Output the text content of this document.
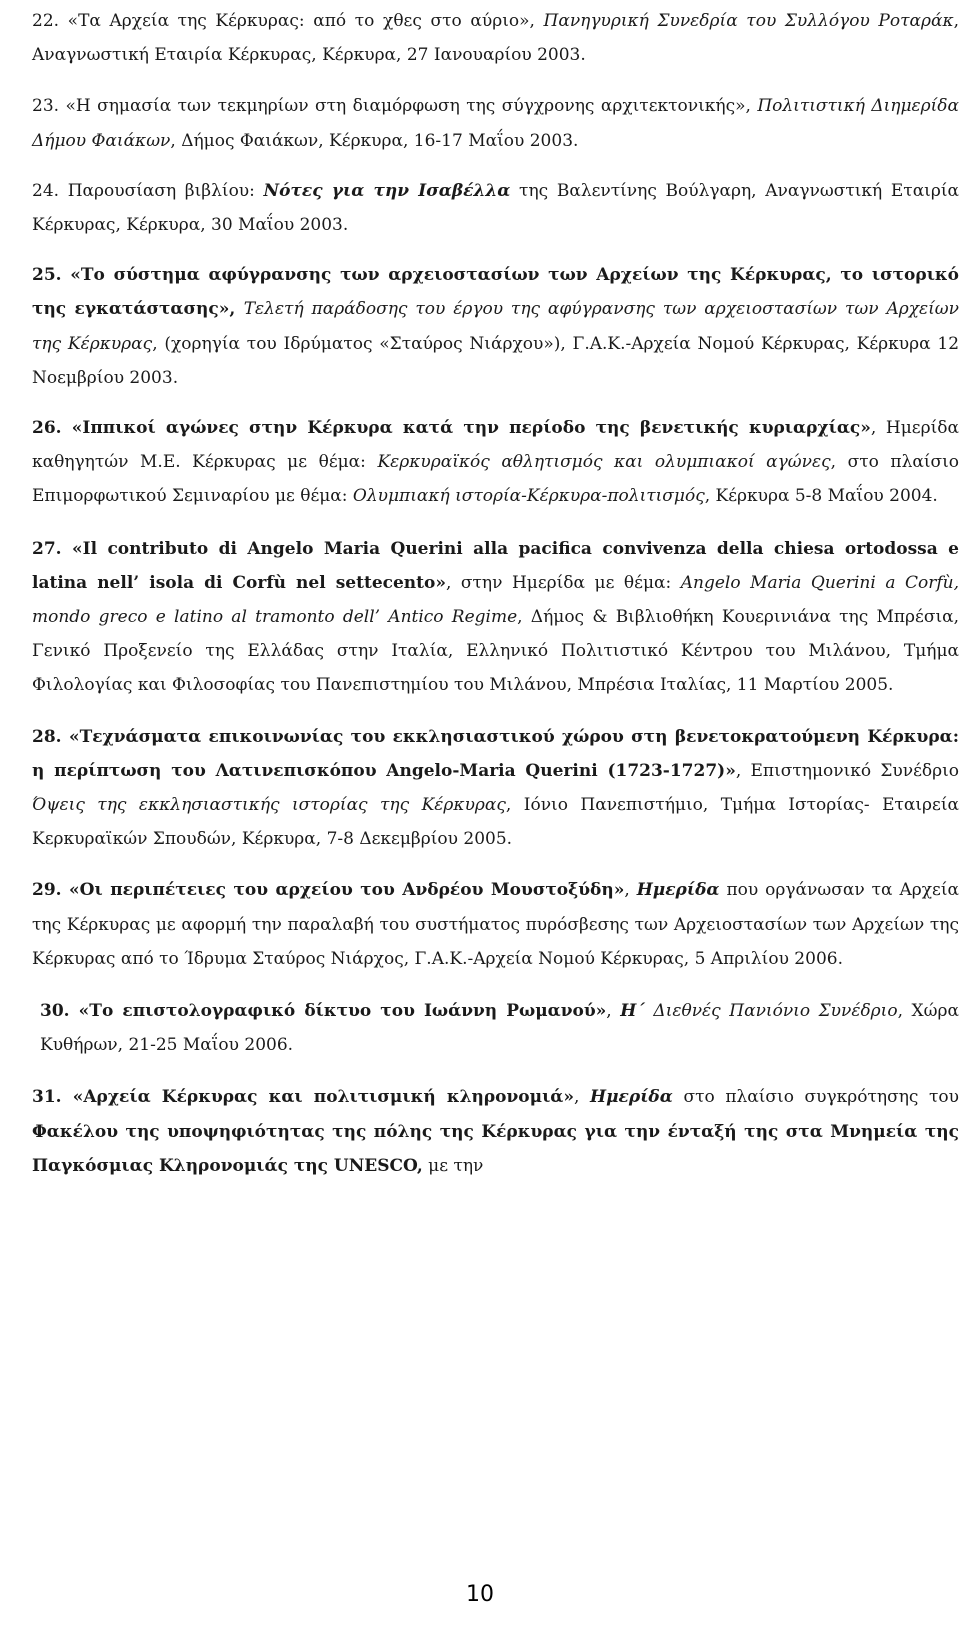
22. «Τα Αρχεία της Κέρκυρας: από το χθες στο αύριο», Πανηγυρική Συνεδρία του Συλλόγου Ροταράκ, Αναγνωστική Εταιρία Κέρκυρας, Κέρκυρα, 27 Ιανουαρίου 2003.

23. «Η σημασία των τεκμηρίων στη διαμόρφωση της σύγχρονης αρχιτεκτονικής», Πολιτιστική Διημερίδα Δήμου Φαιάκων, Δήμος Φαιάκων, Κέρκυρα, 16-17 Μαΐου 2003.

24. Παρουσίαση βιβλίου: Νότες για την Ισαβέλλα της Βαλεντίνης Βούλγαρη, Αναγνωστική Εταιρία Κέρκυρας, Κέρκυρα, 30 Μαΐου 2003.

25. «Το σύστημα αφύγρανσης των αρχειοστασίων των Αρχείων της Κέρκυρας, το ιστορικό της εγκατάστασης», Τελετή παράδοσης του έργου της αφύγρανσης των αρχειοστασίων των Αρχείων της Κέρκυρας, (χορηγία του Ιδρύματος «Σταύρος Νιάρχου»), Γ.Α.Κ.-Αρχεία Νομού Κέρκυρας, Κέρκυρα 12 Νοεμβρίου 2003.

26. «Ιππικοί αγώνες στην Κέρκυρα κατά την περίοδο της βενετικής κυριαρχίας», Ημερίδα καθηγητών Μ.Ε. Κέρκυρας με θέμα: Κερκυραϊκός αθλητισμός και ολυμπιακοί αγώνες, στο πλαίσιο Επιμορφωτικού Σεμιναρίου με θέμα: Ολυμπιακή ιστορία-Κέρκυρα-πολιτισμός, Κέρκυρα 5-8 Μαΐου 2004.

27. «Il contributo di Angelo Maria Querini alla pacifica convivenza della chiesa ortodossa e latina nell’ isola di Corfù nel settecento», στην Ημερίδα με θέμα: Angelo Maria Querini a Corfù, mondo greco e latino al tramonto dell’ Antico Regime, Δήμος & Βιβλιοθήκη Κουερινιάνα της Μπρέσια, Γενικό Προξενείο της Ελλάδας στην Ιταλία, Ελληνικό Πολιτιστικό Κέντρου του Μιλάνου, Τμήμα Φιλολογίας και Φιλοσοφίας του Πανεπιστημίου του Μιλάνου, Μπρέσια Ιταλίας, 11 Μαρτίου 2005.

28. «Τεχνάσματα επικοινωνίας του εκκλησιαστικού χώρου στη βενετοκρατούμενη Κέρκυρα: η περίπτωση του Λατινεπισκόπου Angelo-Maria Querini (1723-1727)», Επιστημονικό Συνέδριο Όψεις της εκκλησιαστικής ιστορίας της Κέρκυρας, Ιόνιο Πανεπιστήμιο, Τμήμα Ιστορίας- Εταιρεία Κερκυραϊκών Σπουδών, Κέρκυρα, 7-8 Δεκεμβρίου 2005.

29. «Οι περιπέτειες του αρχείου του Ανδρέου Μουστοξύδη», Ημερίδα που οργάνωσαν τα Αρχεία της Κέρκυρας με αφορμή την παραλαβή του συστήματος πυρόσβεσης των Αρχειοστασίων των Αρχείων της Κέρκυρας από το Ίδρυμα Σταύρος Νιάρχος, Γ.Α.Κ.-Αρχεία Νομού Κέρκυρας, 5 Απριλίου 2006.

30. «Το επιστολογραφικό δίκτυο του Ιωάννη Ρωμανού», Η΄ Διεθνές Πανιόνιο Συνέδριο, Χώρα Κυθήρων, 21-25 Μαΐου 2006.

31. «Αρχεία Κέρκυρας και πολιτισμική κληρονομιά», Ημερίδα στο πλαίσιο συγκρότησης του Φακέλου της υποψηφιότητας της πόλης της Κέρκυρας για την ένταξή της στα Μνημεία της Παγκόσμιας Κληρονομιάς της UNESCO, με την

10
